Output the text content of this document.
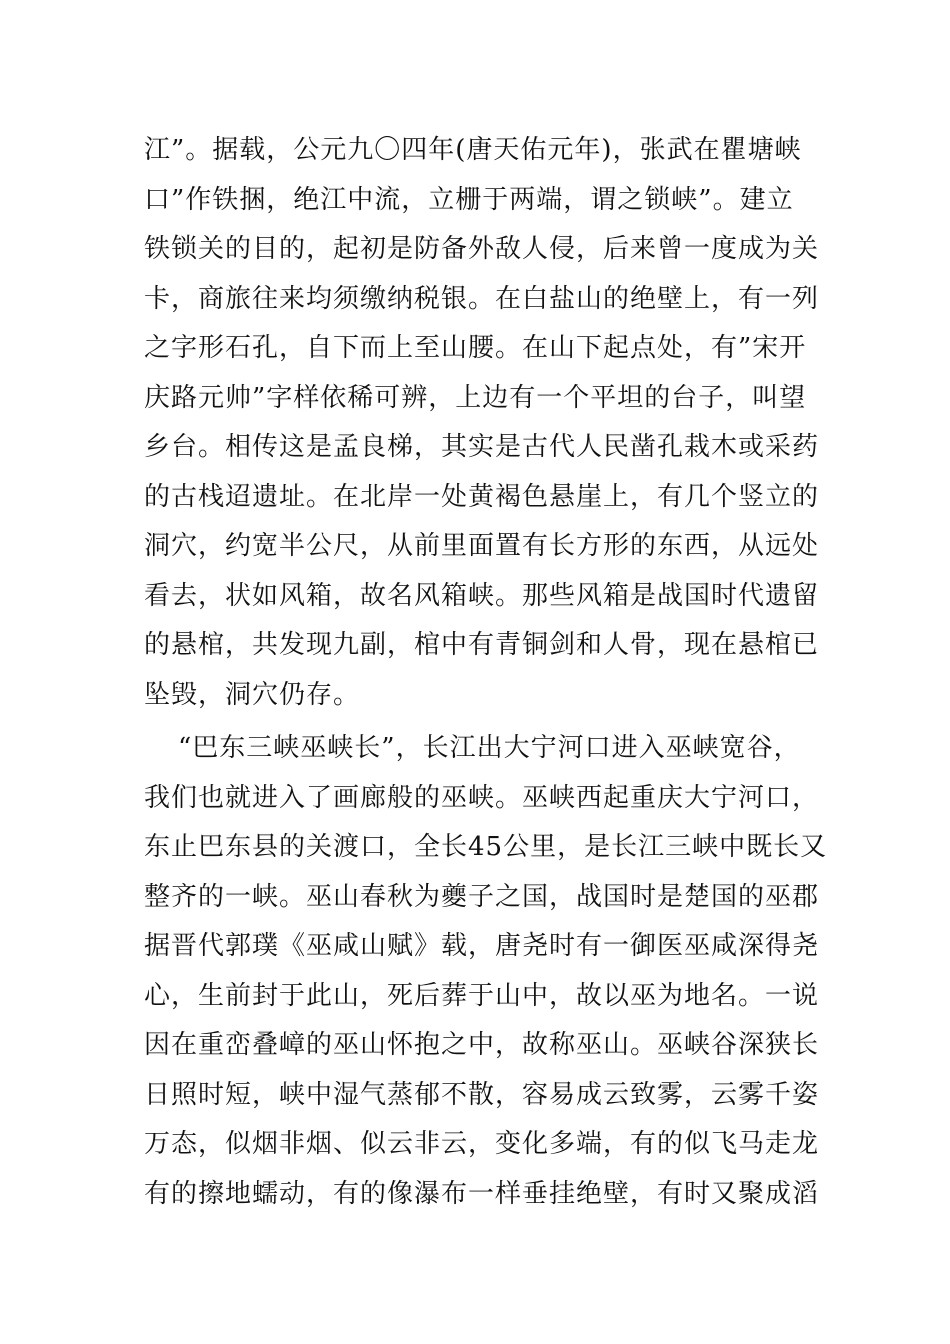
江”。据载，公元九〇四年(唐天佑元年)，张武在瞿塘峡
口”作铁捆，绝江中流，立栅于两端，谓之锁峡”。建立
铁锁关的目的，起初是防备外敌人侵，后来曾一度成为关
卡，商旅往来均须缴纳税银。在白盐山的绝壁上，有一列
之字形石孔，自下而上至山腰。在山下起点处，有”宋开
庆路元帅”字样依稀可辨，上边有一个平坦的台子，叫望
乡台。相传这是孟良梯，其实是古代人民凿孔栽木或采药
的古栈迢遗址。在北岸一处黄褐色悬崖上，有几个竖立的
洞穴，约宽半公尺，从前里面置有长方形的东西，从远处
看去，状如风箱，故名风箱峡。那些风箱是战国时代遗留
的悬棺，共发现九副，棺中有青铜剑和人骨，现在悬棺已
坠毁，洞穴仍存。
“巴东三峡巫峡长”，长江出大宁河口进入巫峡宽谷，
我们也就进入了画廊般的巫峡。巫峡西起重庆大宁河口，
东止巴东县的关渡口，全长45公里，是长江三峡中既长又
整齐的一峡。巫山春秋为夔子之国，战国时是楚国的巫郡
据晋代郭璞《巫咸山赋》载，唐尧时有一御医巫咸深得尧
心，生前封于此山，死后葬于山中，故以巫为地名。一说
因在重峦叠嶂的巫山怀抱之中，故称巫山。巫峡谷深狭长
日照时短，峡中湿气蒸郁不散，容易成云致雾，云雾千姿
万态，似烟非烟、似云非云，变化多端，有的似飞马走龙
有的擦地蠕动，有的像瀑布一样垂挂绝壁，有时又聚成滔
